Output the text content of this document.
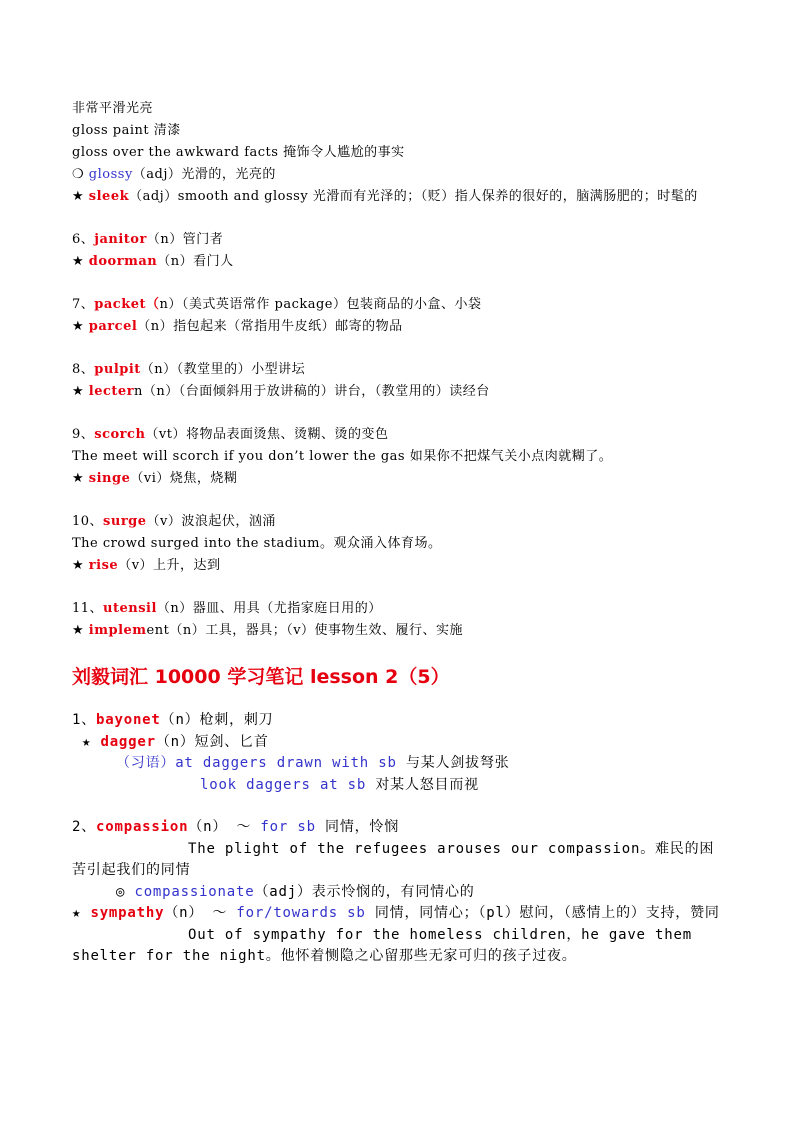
非常平滑光亮
gloss paint 清漆
gloss over the awkward facts 掩饰令人尴尬的事实
❍ glossy（adj）光滑的，光亮的
★ sleek（adj）smooth and glossy 光滑而有光泽的；（贬）指人保养的很好的，脑满肠肥的；时髦的
6、janitor（n）管门者
★ doorman（n）看门人
7、packet（n）（美式英语常作 package）包装商品的小盒、小袋
★ parcel（n）指包起来（常指用牛皮纸）邮寄的物品
8、pulpit（n）（教堂里的）小型讲坛
★ lectern（n）（台面倾斜用于放讲稿的）讲台，（教堂用的）读经台
9、scorch（vt）将物品表面烫焦、烫糊、烫的变色
The meet will scorch if you don’t lower the gas 如果你不把煤气关小点肉就糊了。
★ singe（vi）烧焦，烧糊
10、surge（v）波浪起伏，汹涌
The crowd surged into the stadium。观众涌入体育场。
★ rise（v）上升，达到
11、utensil（n）器皿、用具（尤指家庭日用的）
★ implement（n）工具，器具；（v）使事物生效、履行、实施
刘毅词汇 10000 学习笔记 lesson 2（5）
1、bayonet（n）枪刺，刺刀
★ dagger（n）短剑、匕首
（习语）at daggers drawn with sb 与某人剑拔弩张
look daggers at sb 对某人怒目而视
2、compassion（n） ～ for sb 同情，怜悯
The plight of the refugees arouses our compassion。难民的困苦引起我们的同情
◎ compassionate（adj）表示怜悯的，有同情心的
★ sympathy（n） ～ for/towards sb 同情，同情心；（pl）慰问，（感情上的）支持，赞同
Out of sympathy for the homeless children，he gave them shelter for the night。他怀着恻隐之心留那些无家可归的孩子过夜。
